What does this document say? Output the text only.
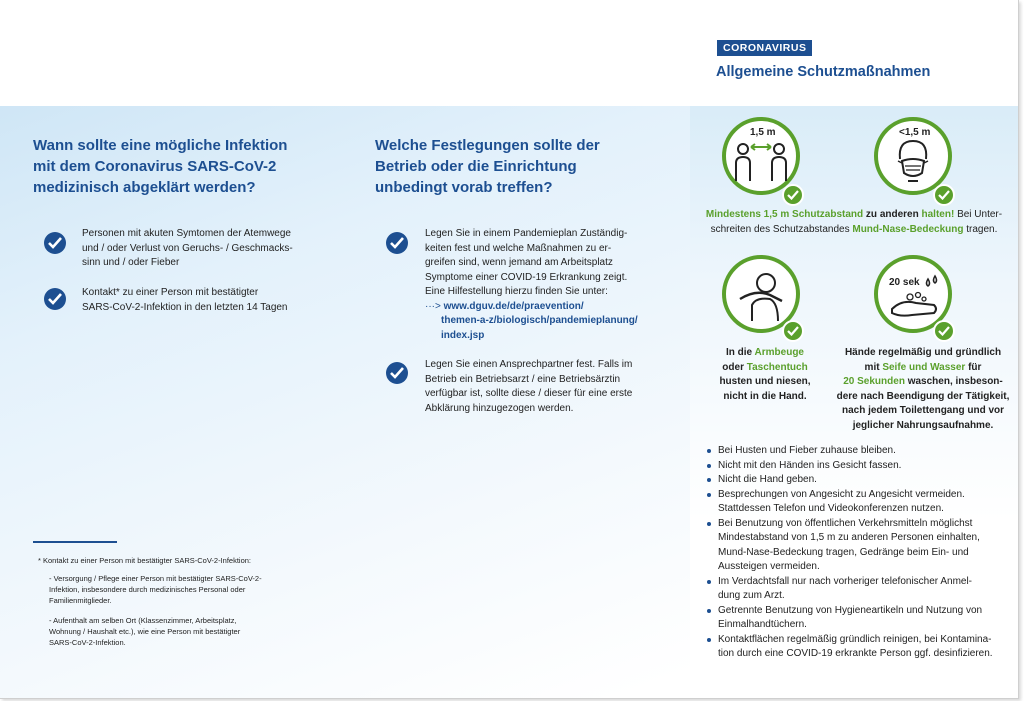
CORONAVIRUS
Allgemeine Schutzmaßnahmen
Wann sollte eine mögliche Infektion
mit dem Coronavirus SARS-CoV-2
medizinisch abgeklärt werden?
Personen mit akuten Symtomen der Atemwege
und / oder Verlust von Geruchs- / Geschmacks-
sinn und / oder Fieber
Kontakt* zu einer Person mit bestätigter
SARS-CoV-2-Infektion in den letzten 14 Tagen
* Kontakt zu einer Person mit bestätigter SARS-CoV-2-Infektion:
- Versorgung / Pflege einer Person mit bestätigter SARS-CoV-2-
Infektion, insbesondere durch medizinisches Personal oder
Familienmitglieder.
- Aufenthalt am selben Ort (Klassenzimmer, Arbeitsplatz,
Wohnung / Haushalt etc.), wie eine Person mit bestätigter
SARS-CoV-2-Infektion.
Welche Festlegungen sollte der
Betrieb oder die Einrichtung
unbedingt vorab treffen?
Legen Sie in einem Pandemieplan Zuständig-
keiten fest und welche Maßnahmen zu er-
greifen sind, wenn jemand am Arbeitsplatz
Symptome einer COVID-19 Erkrankung zeigt.
Eine Hilfestellung hierzu finden Sie unter:
···> www.dguv.de/de/praevention/
themen-a-z/biologisch/pandemieplanung/
index.jsp
Legen Sie einen Ansprechpartner fest. Falls im
Betrieb ein Betriebsarzt / eine Betriebsärztin
verfügbar ist, sollte diese / dieser für eine erste
Abklärung hinzugezogen werden.
1,5 m	<1,5 m
Mindestens 1,5 m Schutzabstand zu anderen halten! Bei Unter-
schreiten des Schutzabstandes Mund-Nase-Bedeckung tragen.
20 sek
In die Armbeuge
oder Taschentuch
husten und niesen,
nicht in die Hand.
Hände regelmäßig und gründlich
mit Seife und Wasser für
20 Sekunden waschen, insbeson-
dere nach Beendigung der Tätigkeit,
nach jedem Toilettengang und vor
jeglicher Nahrungsaufnahme.
Bei Husten und Fieber zuhause bleiben.
Nicht mit den Händen ins Gesicht fassen.
Nicht die Hand geben.
Besprechungen von Angesicht zu Angesicht vermeiden.
Stattdessen Telefon und Videokonferenzen nutzen.
Bei Benutzung von öffentlichen Verkehrsmitteln möglichst
Mindestabstand von 1,5 m zu anderen Personen einhalten,
Mund-Nase-Bedeckung tragen, Gedränge beim Ein- und
Aussteigen vermeiden.
Im Verdachtsfall nur nach vorheriger telefonischer Anmel-
dung zum Arzt.
Getrennte Benutzung von Hygieneartikeln und Nutzung von
Einmalhandtüchern.
Kontaktflächen regelmäßig gründlich reinigen, bei Kontamina-
tion durch eine COVID-19 erkrankte Person ggf. desinfizieren.
